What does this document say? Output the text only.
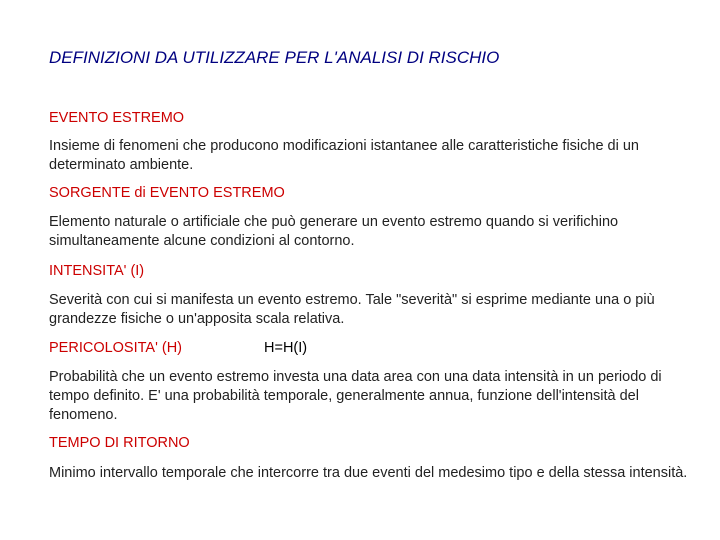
DEFINIZIONI DA UTILIZZARE PER L'ANALISI DI RISCHIO
EVENTO ESTREMO
Insieme di fenomeni che producono modificazioni istantanee alle caratteristiche fisiche di un determinato ambiente.
SORGENTE di EVENTO ESTREMO
Elemento naturale o artificiale che può generare un evento estremo quando si verifichino simultaneamente alcune condizioni al contorno.
INTENSITA' (I)
Severità con cui si manifesta un evento estremo. Tale "severità" si esprime mediante una o più grandezze fisiche o un'apposita scala relativa.
PERICOLOSITA' (H)	H=H(I)
Probabilità che un evento estremo investa una data area con una data intensità in un periodo di tempo definito. E' una probabilità temporale, generalmente annua, funzione dell'intensità del fenomeno.
TEMPO DI RITORNO
Minimo intervallo temporale che intercorre tra due eventi del medesimo tipo e della stessa intensità.
